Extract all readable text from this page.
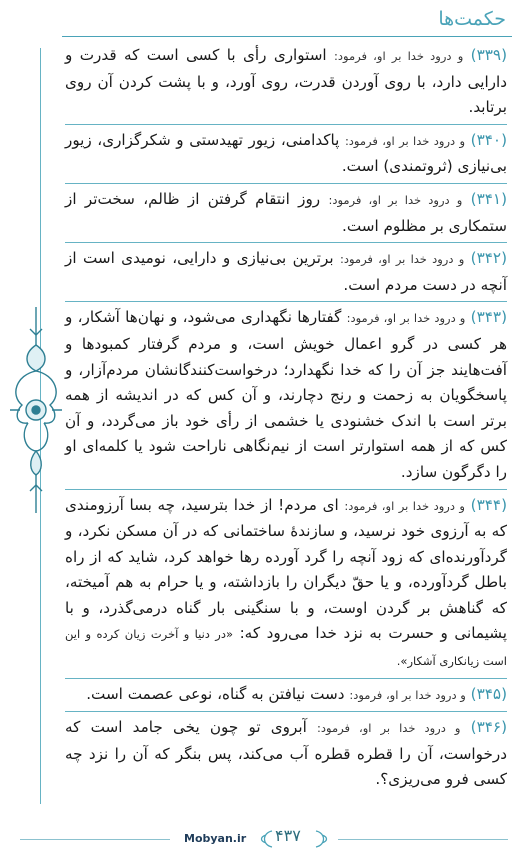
حکمت‌ها
(۳۳۹) و درود خدا بر او، فرمود: استواری رأی با کسی است که قدرت و دارایی دارد، با روی آوردن قدرت، روی آورد، و با پشت کردن آن روی برتابد.
(۳۴۰) و درود خدا بر او، فرمود: پاکدامنی، زیور تهیدستی و شکرگزاری، زیور بی‌نیازی (ثروتمندی) است.
(۳۴۱) و درود خدا بر او، فرمود: روز انتقام گرفتن از ظالم، سخت‌تر از ستمکاری بر مظلوم است.
(۳۴۲) و درود خدا بر او، فرمود: برترین بی‌نیازی و دارایی، نومیدی است از آنچه در دست مردم است.
(۳۴۳) و درود خدا بر او، فرمود: گفتارها نگهداری می‌شود، و نهان‌ها آشکار، و هر کسی در گرو اعمال خویش است، و مردم گرفتار کمبودها و آفت‌هایند جز آن را که خدا نگهدارد؛ درخواست‌کنندگانشان مردم‌آزار، و پاسخگویان به زحمت و رنج دچارند، و آن کس که در اندیشه از همه برتر است با اندک خشنودی یا خشمی از رأی خود باز می‌گردد، و آن کس که از همه استوارتر است از نیم‌نگاهی ناراحت شود یا کلمه‌ای او را دگرگون سازد.
(۳۴۴) و درود خدا بر او، فرمود: ای مردم! از خدا بترسید، چه بسا آرزومندی که به آرزوی خود نرسید، و سازندهٔ ساختمانی که در آن مسکن نکرد، و گردآورنده‌ای که زود آنچه را گرد آورده رها خواهد کرد، شاید که از راه باطل گردآورده، و یا حقّ دیگران را بازداشته، و یا حرام به هم آمیخته، که گناهش بر گردن اوست، و با سنگینی بار گناه درمی‌گذرد، و با پشیمانی و حسرت به نزد خدا می‌رود که: «در دنیا و آخرت زیان کرده و این است زیانکاری آشکار».
(۳۴۵) و درود خدا بر او، فرمود: دست نیافتن به گناه، نوعی عصمت است.
(۳۴۶) و درود خدا بر او، فرمود: آبروی تو چون یخی جامد است که درخواست، آن را قطره قطره آب می‌کند، پس بنگر که آن را نزد چه کسی فرو می‌ریزی؟.
Mobyan.ir ۴۳۷
